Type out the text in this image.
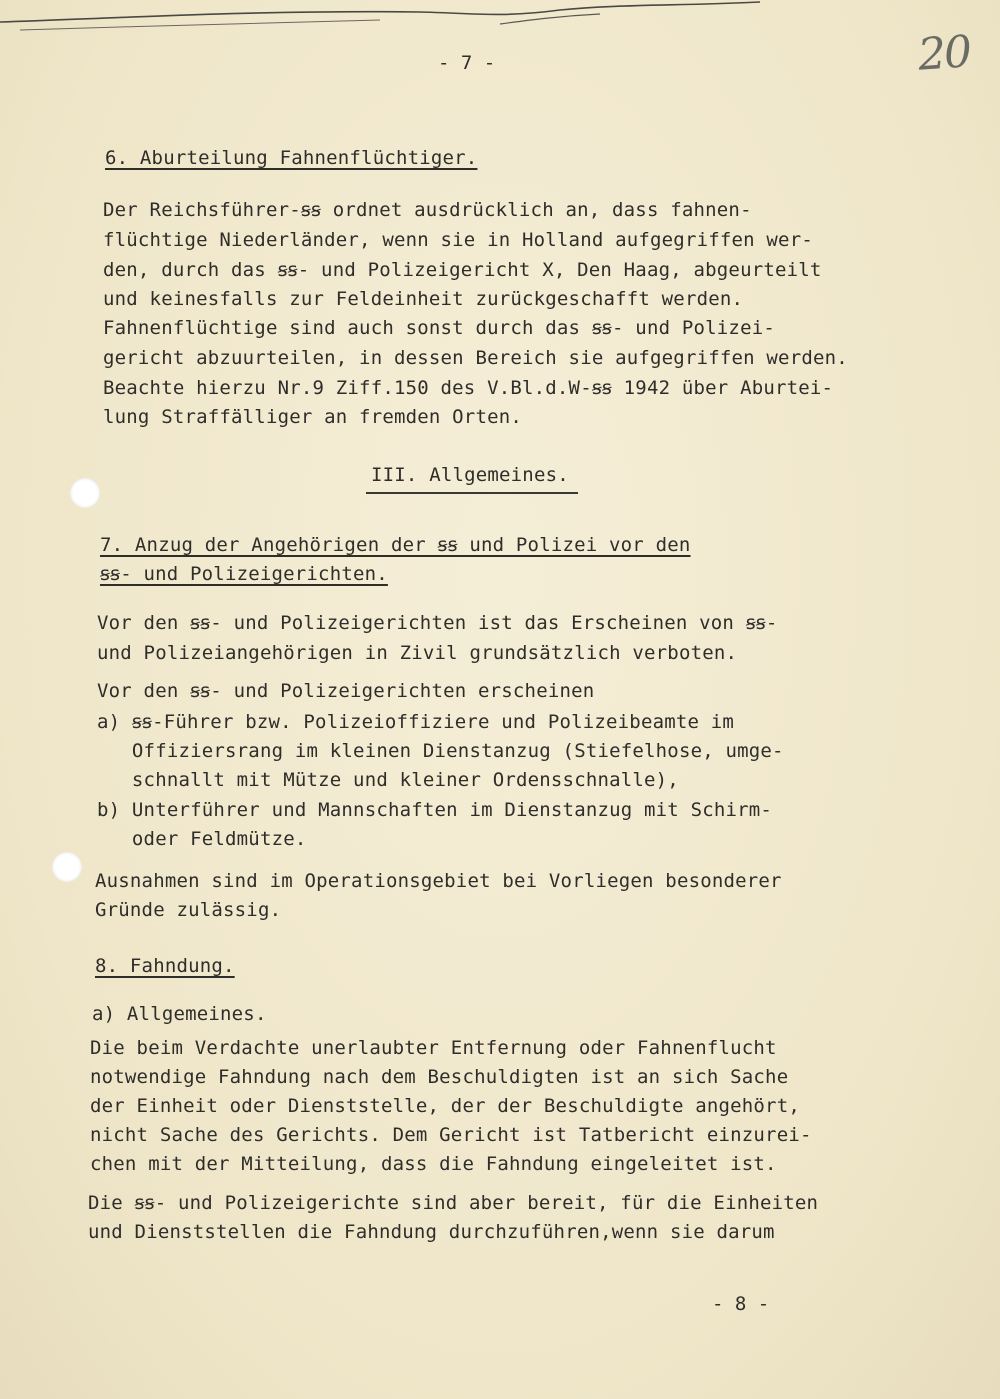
- 7 -	20
6. Aburteilung Fahnenflüchtiger.
Der Reichsführer-ꞩꞩ ordnet ausdrücklich an, dass fahnen-
flüchtige Niederländer, wenn sie in Holland aufgegriffen wer-
den, durch das ꞩꞩ- und Polizeigericht X, Den Haag, abgeurteilt
und keinesfalls zur Feldeinheit zurückgeschafft werden.
Fahnenflüchtige sind auch sonst durch das ꞩꞩ- und Polizei-
gericht abzuurteilen, in dessen Bereich sie aufgegriffen werden.
Beachte hierzu Nr.9 Ziff.150 des V.Bl.d.W-ꞩꞩ 1942 über Aburtei-
lung Straffälliger an fremden Orten.
III. Allgemeines.
7. Anzug der Angehörigen der ꞩꞩ und Polizei vor den
ꞩꞩ- und Polizeigerichten.
Vor den ꞩꞩ- und Polizeigerichten ist das Erscheinen von ꞩꞩ-
und Polizeiangehörigen in Zivil grundsätzlich verboten.
Vor den ꞩꞩ- und Polizeigerichten erscheinen
a) ꞩꞩ-Führer bzw. Polizeioffiziere und Polizeibeamte im
Offiziersrang im kleinen Dienstanzug (Stiefelhose, umge-
schnallt mit Mütze und kleiner Ordensschnalle),
b) Unterführer und Mannschaften im Dienstanzug mit Schirm-
oder Feldmütze.
Ausnahmen sind im Operationsgebiet bei Vorliegen besonderer
Gründe zulässig.
8. Fahndung.
a) Allgemeines.
Die beim Verdachte unerlaubter Entfernung oder Fahnenflucht
notwendige Fahndung nach dem Beschuldigten ist an sich Sache
der Einheit oder Dienststelle, der der Beschuldigte angehört,
nicht Sache des Gerichts. Dem Gericht ist Tatbericht einzurei-
chen mit der Mitteilung, dass die Fahndung eingeleitet ist.
Die ꞩꞩ- und Polizeigerichte sind aber bereit, für die Einheiten
und Dienststellen die Fahndung durchzuführen,wenn sie darum
- 8 -
